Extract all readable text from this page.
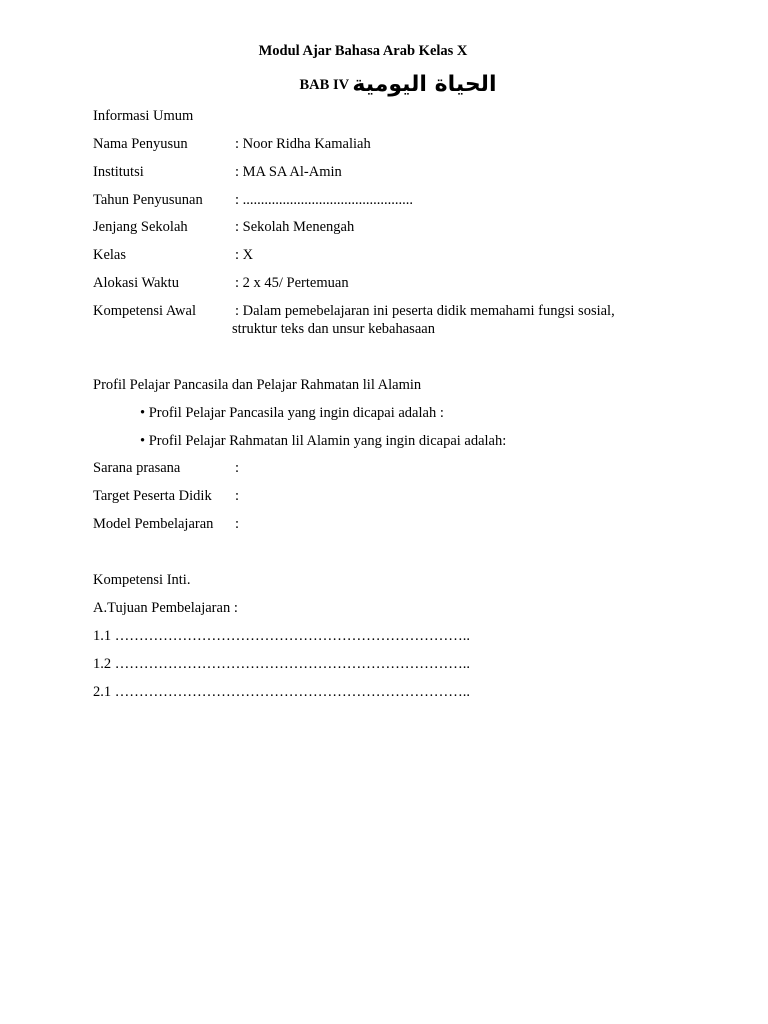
Modul Ajar Bahasa Arab Kelas X
BAB IV الحياة اليومية
Informasi Umum
Nama Penyusun	: Noor Ridha Kamaliah
Institutsi	: MA SA Al-Amin
Tahun Penyusunan : ...............................................
Jenjang Sekolah	: Sekolah Menengah
Kelas	: X
Alokasi Waktu	: 2 x 45/ Pertemuan
Kompetensi Awal	: Dalam pemebelajaran ini peserta didik memahami fungsi sosial, struktur teks dan unsur kebahasaan
Profil Pelajar Pancasila dan Pelajar Rahmatan lil Alamin
• Profil Pelajar Pancasila yang ingin dicapai adalah :
• Profil Pelajar Rahmatan lil Alamin yang ingin dicapai adalah:
Sarana prasana	:
Target Peserta Didik :
Model Pembelajaran :
Kompetensi Inti.
A.Tujuan Pembelajaran :
1.1 ………………………………………………………………..
1.2 ………………………………………………………………..
2.1 ………………………………………………………………..
